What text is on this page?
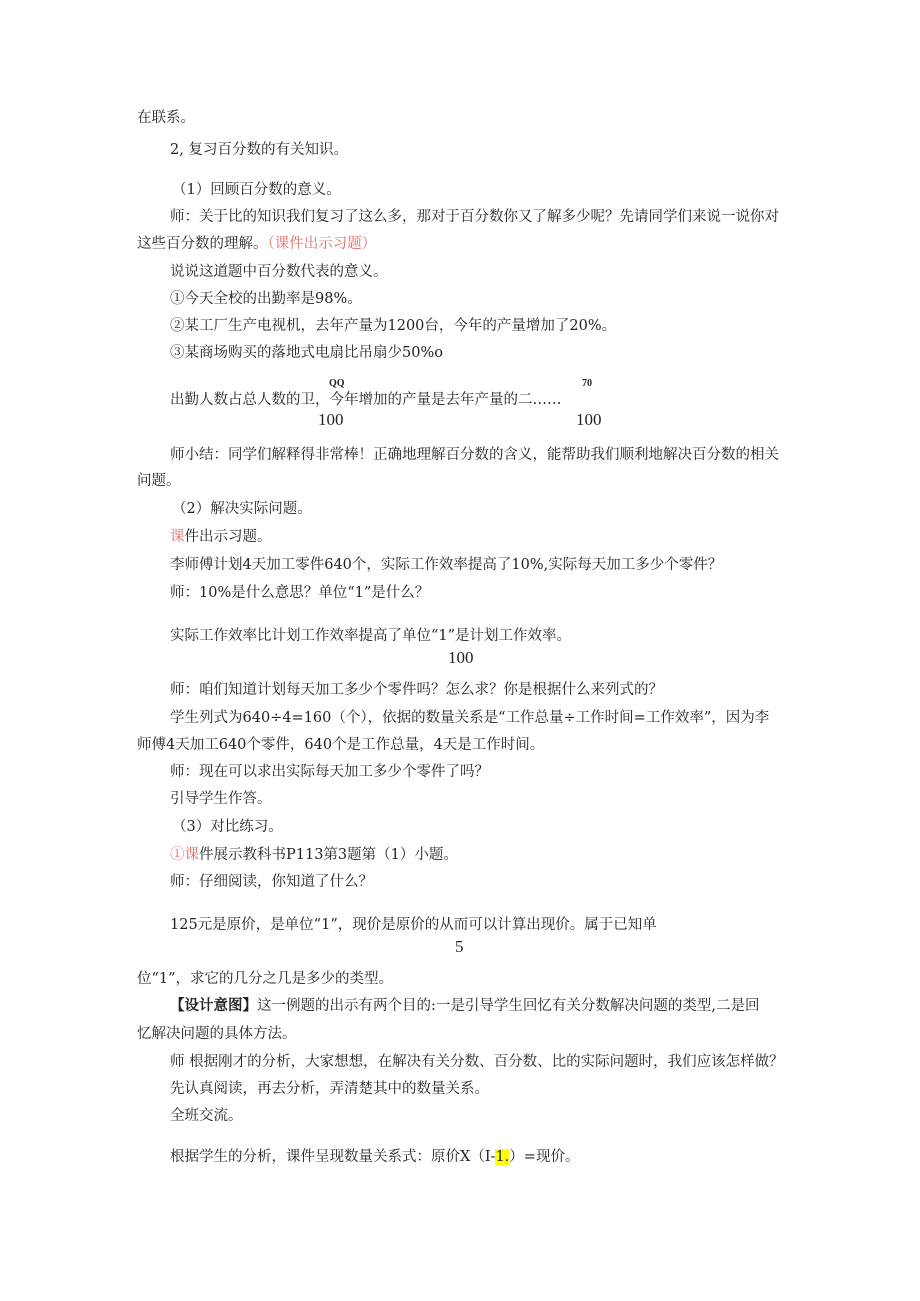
在联系。
2, 复习百分数的有关知识。
（1）回顾百分数的意义。
师：关于比的知识我们复习了这么多，那对于百分数你又了解多少呢？先请同学们来说一说你对
这些百分数的理解。（课件出示习题）
说说这道题中百分数代表的意义。
①今天全校的出勤率是98%。
②某工厂生产电视机，去年产量为1200台，今年的产量增加了20%。
③某商场购买的落地式电扇比吊扇少50%o
QQ	70
出勤人数占总人数的卫，今年增加的产量是去年产量的二……
100	100
师小结：同学们解释得非常棒！正确地理解百分数的含义，能帮助我们顺利地解决百分数的相关
问题。
（2）解决实际问题。
课件出示习题。
李师傅计划4天加工零件640个，实际工作效率提高了10%,实际每天加工多少个零件？
师：10%是什么意思？单位“1”是什么？
实际工作效率比计划工作效率提高了单位“1”是计划工作效率。
100
师：咱们知道计划每天加工多少个零件吗？怎么求？你是根据什么来列式的？
学生列式为640÷4=160（个），依据的数量关系是“工作总量÷工作时间=工作效率”，因为李
师傅4天加工640个零件，640个是工作总量，4天是工作时间。
师：现在可以求出实际每天加工多少个零件了吗？
引导学生作答。
（3）对比练习。
①课件展示教科书P113第3题第（1）小题。
师：仔细阅读，你知道了什么？
125元是原价，是单位“1”，现价是原价的从而可以计算出现价。属于已知单
5
位“1”，求它的几分之几是多少的类型。
【设计意图】这一例题的出示有两个目的:一是引导学生回忆有关分数解决问题的类型,二是回
忆解决问题的具体方法。
师 根据刚才的分析，大家想想，在解决有关分数、百分数、比的实际问题时，我们应该怎样做？
先认真阅读，再去分析，弄清楚其中的数量关系。
全班交流。
根据学生的分析，课件呈现数量关系式：原价X（I-1.）=现价。
